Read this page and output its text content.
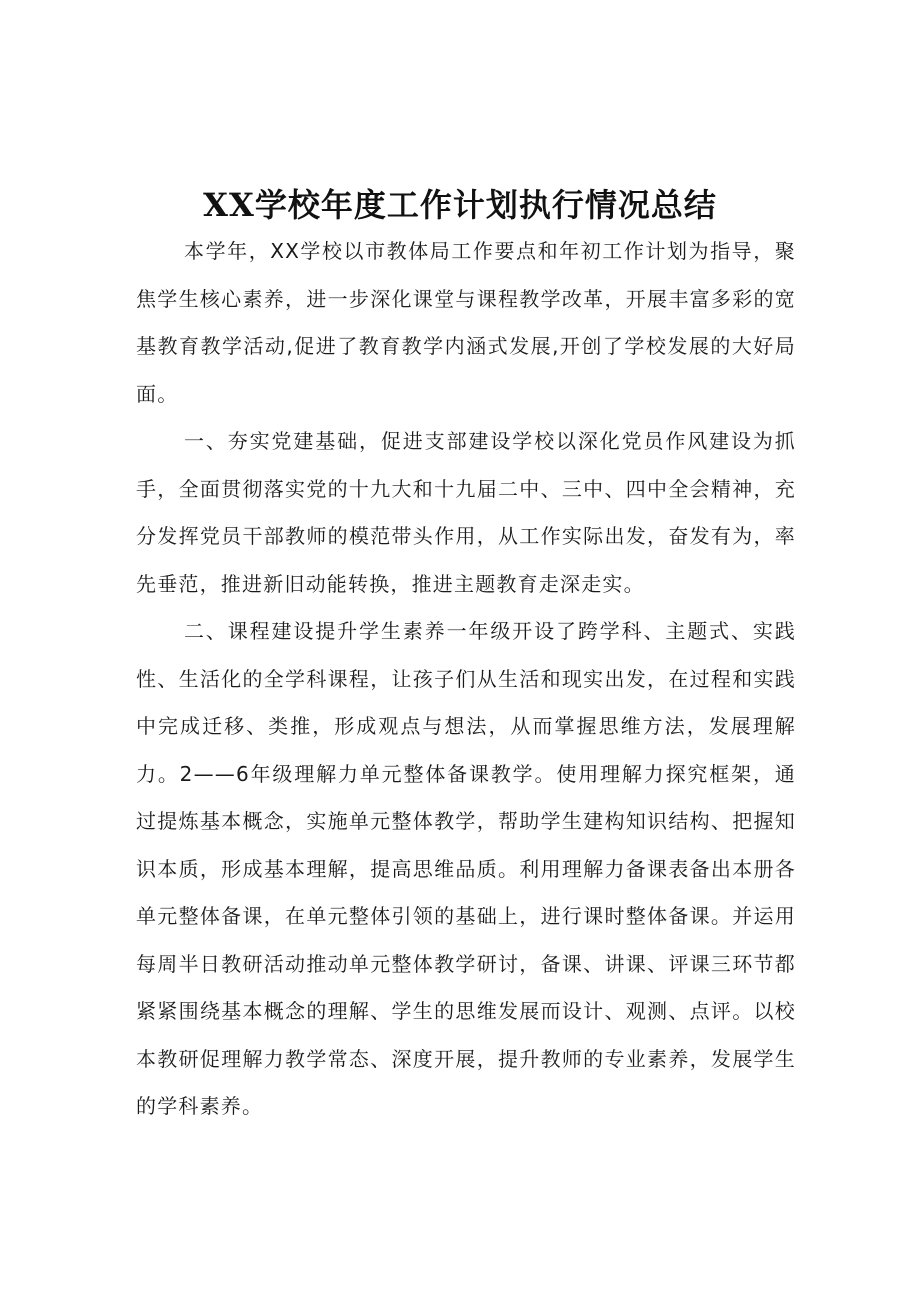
XX学校年度工作计划执行情况总结

本学年，XX学校以市教体局工作要点和年初工作计划为指导，聚焦学生核心素养，进一步深化课堂与课程教学改革，开展丰富多彩的宽基教育教学活动,促进了教育教学内涵式发展,开创了学校发展的大好局面。

一、夯实党建基础，促进支部建设学校以深化党员作风建设为抓手，全面贯彻落实党的十九大和十九届二中、三中、四中全会精神，充分发挥党员干部教师的模范带头作用，从工作实际出发，奋发有为，率先垂范，推进新旧动能转换，推进主题教育走深走实。

二、课程建设提升学生素养一年级开设了跨学科、主题式、实践性、生活化的全学科课程，让孩子们从生活和现实出发，在过程和实践中完成迁移、类推，形成观点与想法，从而掌握思维方法，发展理解力。2——6年级理解力单元整体备课教学。使用理解力探究框架，通过提炼基本概念，实施单元整体教学，帮助学生建构知识结构、把握知识本质，形成基本理解，提高思维品质。利用理解力备课表备出本册各单元整体备课，在单元整体引领的基础上，进行课时整体备课。并运用每周半日教研活动推动单元整体教学研讨，备课、讲课、评课三环节都紧紧围绕基本概念的理解、学生的思维发展而设计、观测、点评。以校本教研促理解力教学常态、深度开展，提升教师的专业素养，发展学生的学科素养。
